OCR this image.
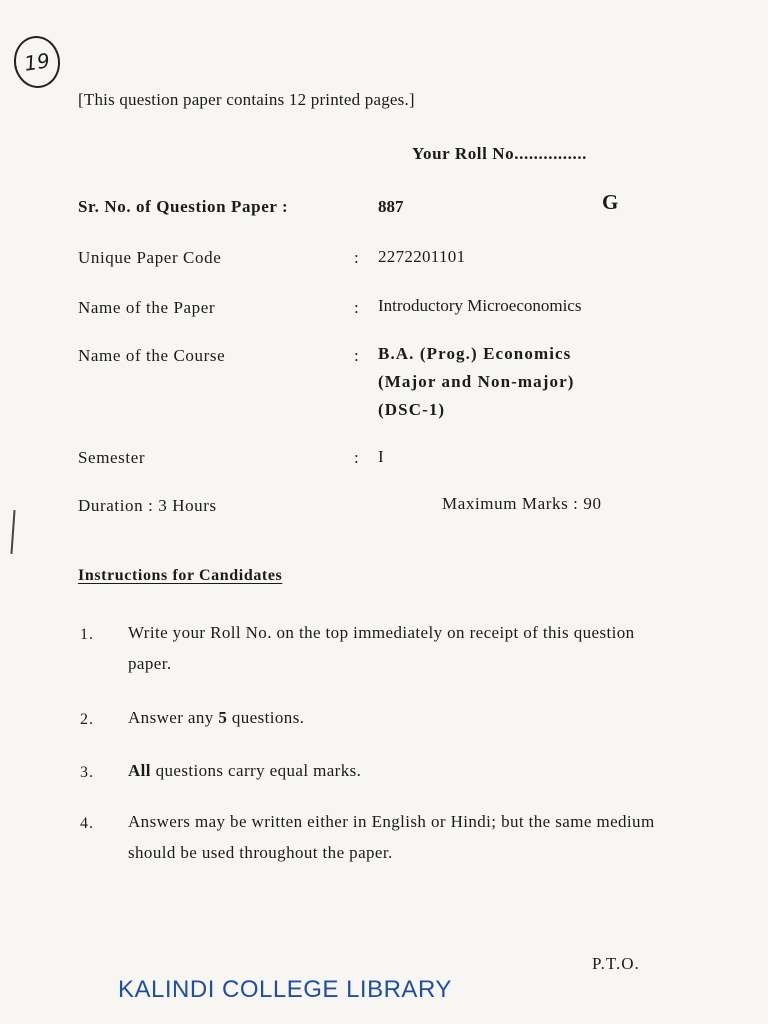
19
[This question paper contains 12 printed pages.]
Your Roll No...............
Sr. No. of Question Paper :	887	G
Unique Paper Code	: 2272201101
Name of the Paper	: Introductory Microeconomics
Name of the Course	: B.A. (Prog.) Economics
(Major and Non-major)
(DSC-1)
Semester	: I
Duration : 3 Hours	Maximum Marks : 90
Instructions for Candidates
1. Write your Roll No. on the top immediately on receipt of this question paper.
2. Answer any 5 questions.
3. All questions carry equal marks.
4. Answers may be written either in English or Hindi; but the same medium should be used throughout the paper.
P.T.O.
KALINDI COLLEGE LIBRARY
